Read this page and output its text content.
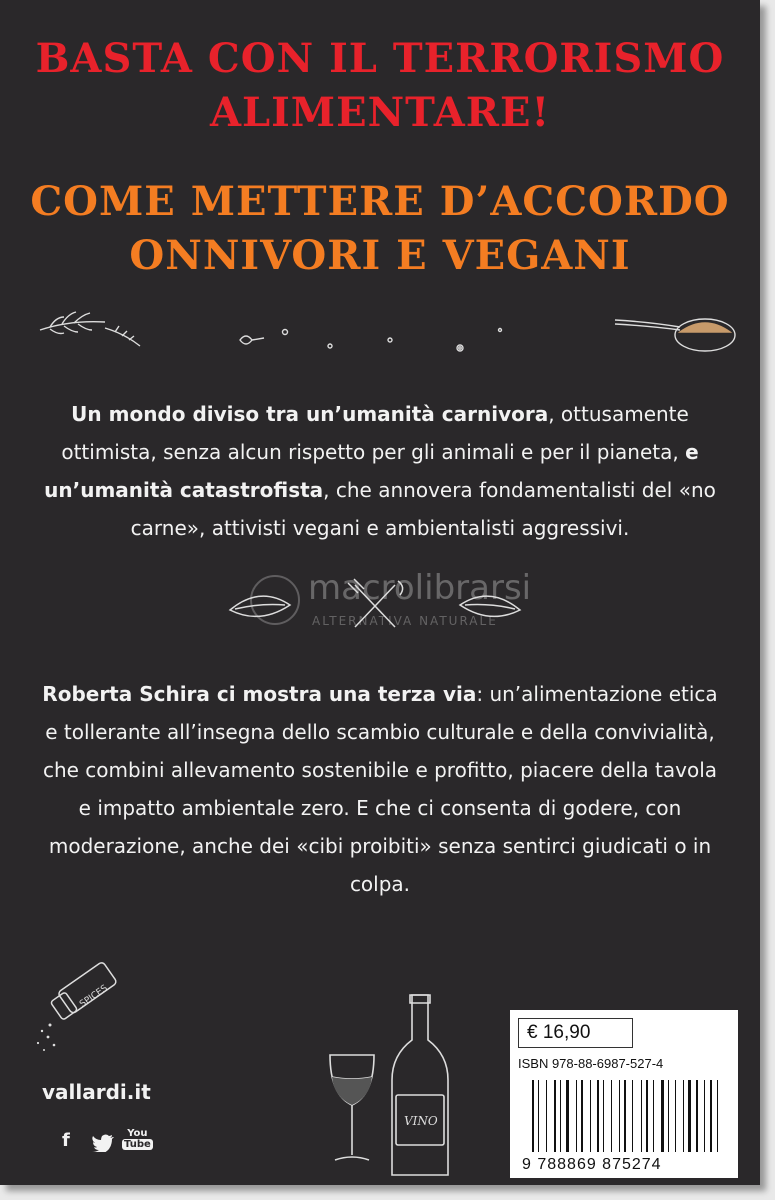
BASTA CON IL TERRORISMO
ALIMENTARE!
COME METTERE D’ACCORDO
ONNIVORI E VEGANI
Un mondo diviso tra un’umanità carnivora, ottusamente ottimista, senza alcun rispetto per gli animali e per il pianeta, e un’umanità catastrofista, che annovera fondamentalisti del «no carne», attivisti vegani e ambientalisti aggressivi.
macrolibrarsi
ALTERNATIVA NATURALE
Roberta Schira ci mostra una terza via: un’alimentazione etica e tollerante all’insegna dello scambio culturale e della convivialità, che combini allevamento sostenibile e profitto, piacere della tavola e impatto ambientale zero. E che ci consenta di godere, con moderazione, anche dei «cibi proibiti» senza sentirci giudicati o in colpa.
SPICES
VINO
vallardi.it
f	You
Tube
€ 16,90
ISBN 978-88-6987-527-4
9 788869 875274
